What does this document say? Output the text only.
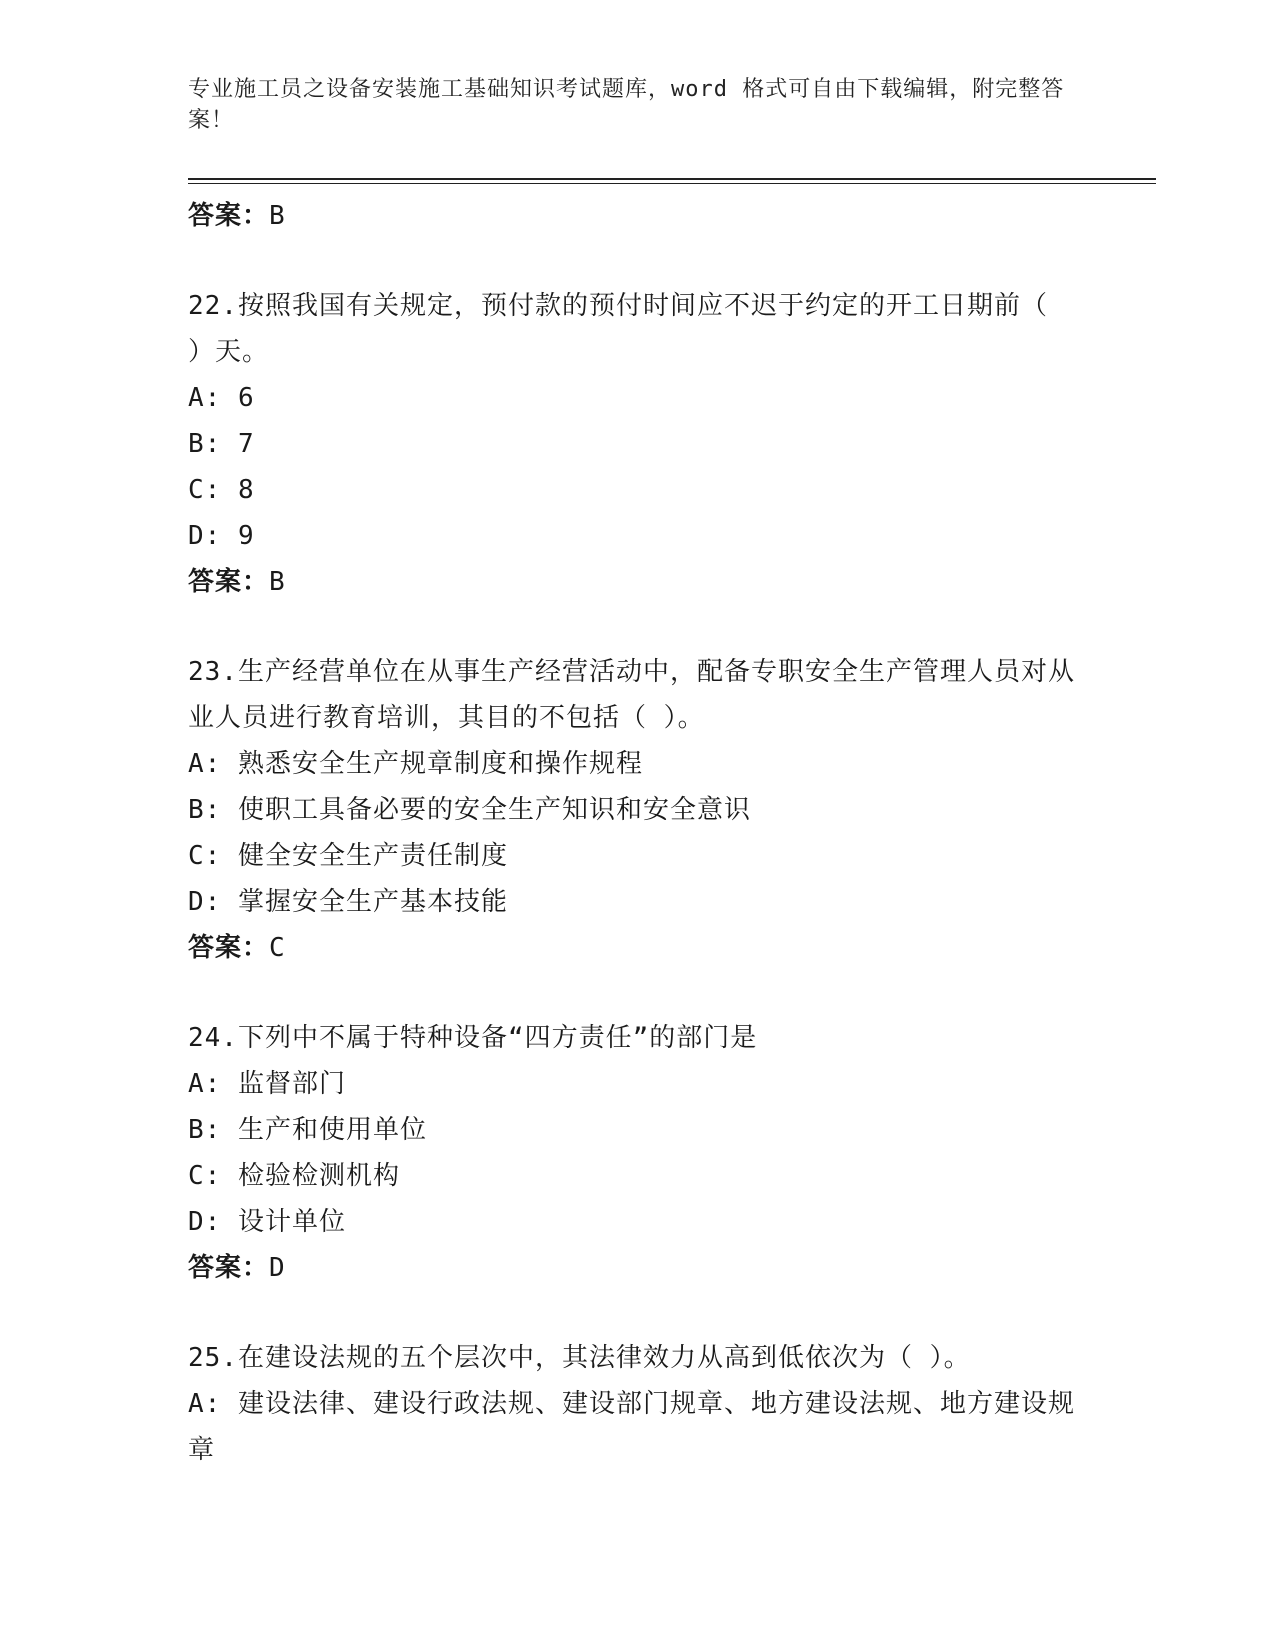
专业施工员之设备安装施工基础知识考试题库，word 格式可自由下载编辑，附完整答案！
答案：B
22.按照我国有关规定，预付款的预付时间应不迟于约定的开工日期前（ ）天。
A: 6
B: 7
C: 8
D: 9
答案：B
23.生产经营单位在从事生产经营活动中，配备专职安全生产管理人员对从业人员进行教育培训，其目的不包括（ ）。
A: 熟悉安全生产规章制度和操作规程
B: 使职工具备必要的安全生产知识和安全意识
C: 健全安全生产责任制度
D: 掌握安全生产基本技能
答案：C
24.下列中不属于特种设备“四方责任”的部门是
A: 监督部门
B: 生产和使用单位
C: 检验检测机构
D: 设计单位
答案：D
25.在建设法规的五个层次中，其法律效力从高到低依次为（ ）。
A: 建设法律、建设行政法规、建设部门规章、地方建设法规、地方建设规章
